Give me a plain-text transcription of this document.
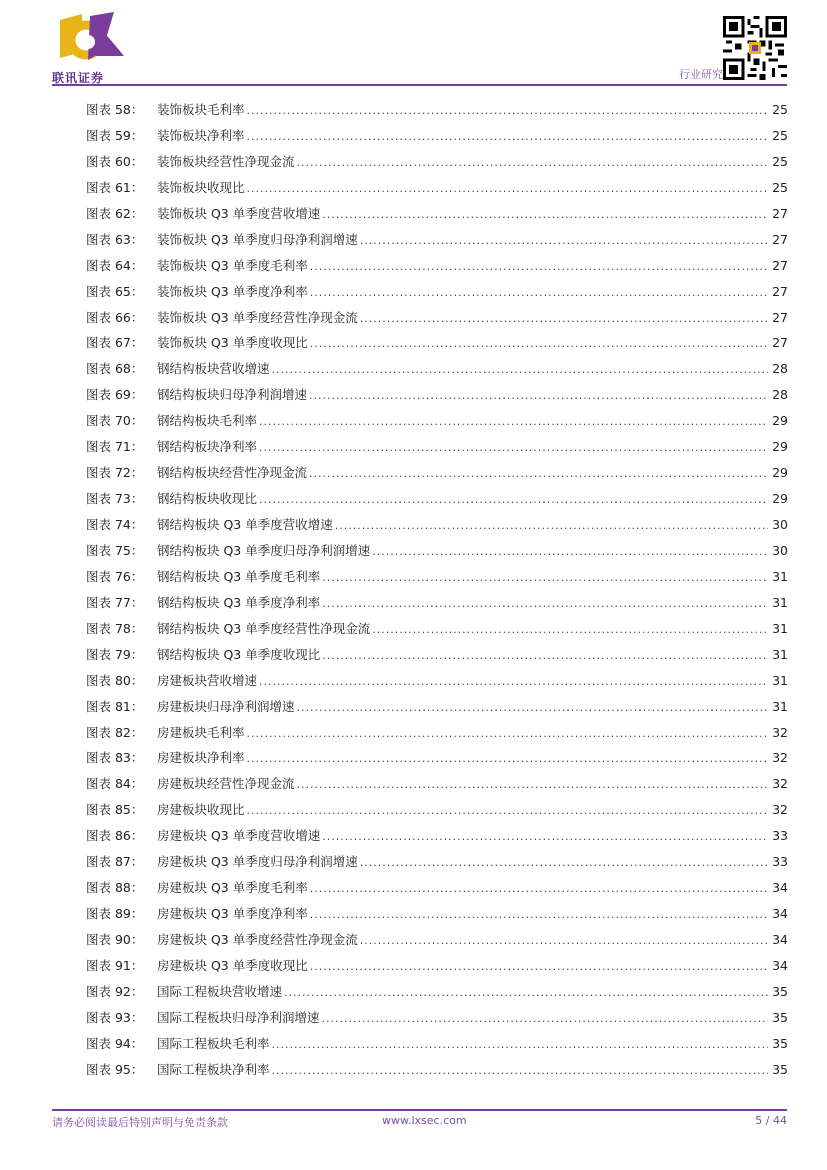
联讯证券	行业研究
图表 58：	装饰板块毛利率 .....	25
图表 59：	装饰板块净利率 .....	25
图表 60：	装饰板块经营性净现金流 .....	25
图表 61：	装饰板块收现比 .....	25
图表 62：	装饰板块 Q3 单季度营收增速 .....	27
图表 63：	装饰板块 Q3 单季度归母净利润增速 .....	27
图表 64：	装饰板块 Q3 单季度毛利率 .....	27
图表 65：	装饰板块 Q3 单季度净利率 .....	27
图表 66：	装饰板块 Q3 单季度经营性净现金流 .....	27
图表 67：	装饰板块 Q3 单季度收现比 .....	27
图表 68：	钢结构板块营收增速 .....	28
图表 69：	钢结构板块归母净利润增速 .....	28
图表 70：	钢结构板块毛利率 .....	29
图表 71：	钢结构板块净利率 .....	29
图表 72：	钢结构板块经营性净现金流 .....	29
图表 73：	钢结构板块收现比 .....	29
图表 74：	钢结构板块 Q3 单季度营收增速 .....	30
图表 75：	钢结构板块 Q3 单季度归母净利润增速 .....	30
图表 76：	钢结构板块 Q3 单季度毛利率 .....	31
图表 77：	钢结构板块 Q3 单季度净利率 .....	31
图表 78：	钢结构板块 Q3 单季度经营性净现金流 .....	31
图表 79：	钢结构板块 Q3 单季度收现比 .....	31
图表 80：	房建板块营收增速 .....	31
图表 81：	房建板块归母净利润增速 .....	31
图表 82：	房建板块毛利率 .....	32
图表 83：	房建板块净利率 .....	32
图表 84：	房建板块经营性净现金流 .....	32
图表 85：	房建板块收现比 .....	32
图表 86：	房建板块 Q3 单季度营收增速 .....	33
图表 87：	房建板块 Q3 单季度归母净利润增速 .....	33
图表 88：	房建板块 Q3 单季度毛利率 .....	34
图表 89：	房建板块 Q3 单季度净利率 .....	34
图表 90：	房建板块 Q3 单季度经营性净现金流 .....	34
图表 91：	房建板块 Q3 单季度收现比 .....	34
图表 92：	国际工程板块营收增速 .....	35
图表 93：	国际工程板块归母净利润增速 .....	35
图表 94：	国际工程板块毛利率 .....	35
图表 95：	国际工程板块净利率 .....	35
请务必阅读最后特别声明与免责条款	www.lxsec.com	5 / 44
